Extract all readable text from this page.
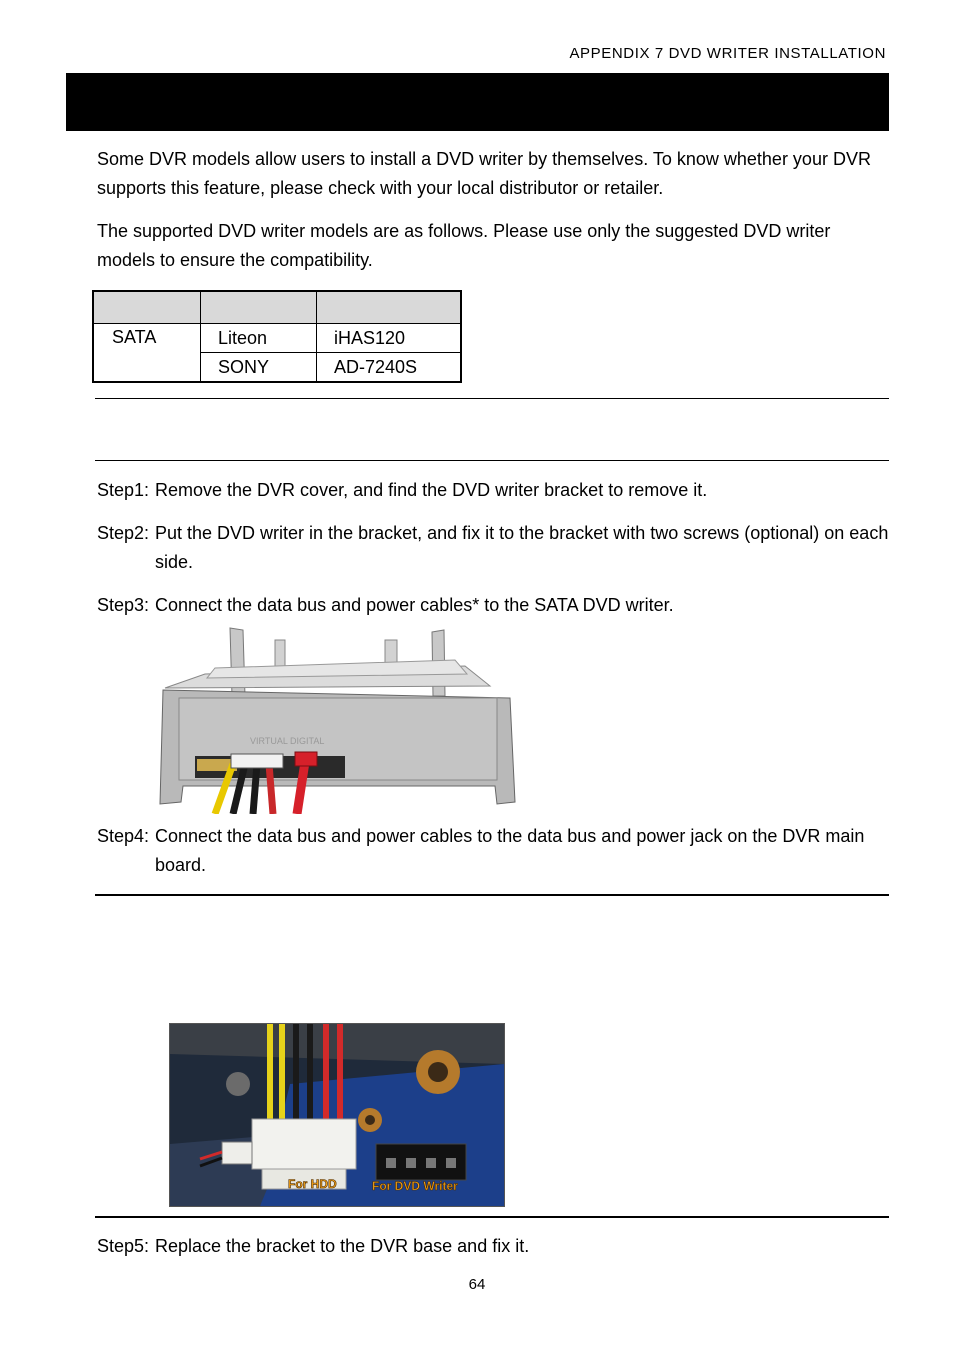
APPENDIX 7 DVD WRITER INSTALLATION
Some DVR models allow users to install a DVD writer by themselves. To know whether your DVR supports this feature, please check with your local distributor or retailer.
The supported DVD writer models are as follows. Please use only the suggested DVD writer models to ensure the compatibility.

SATA	Liteon	iHAS120
	SONY	AD-7240S
Step1: Remove the DVR cover, and find the DVD writer bracket to remove it.
Step2: Put the DVD writer in the bracket, and fix it to the bracket with two screws (optional) on each side.
Step3: Connect the data bus and power cables* to the SATA DVD writer.
VIRTUAL DIGITAL
Step4: Connect the data bus and power cables to the data bus and power jack on the DVR main board.
For HDD	For DVD Writer
Step5: Replace the bracket to the DVR base and fix it.
64
